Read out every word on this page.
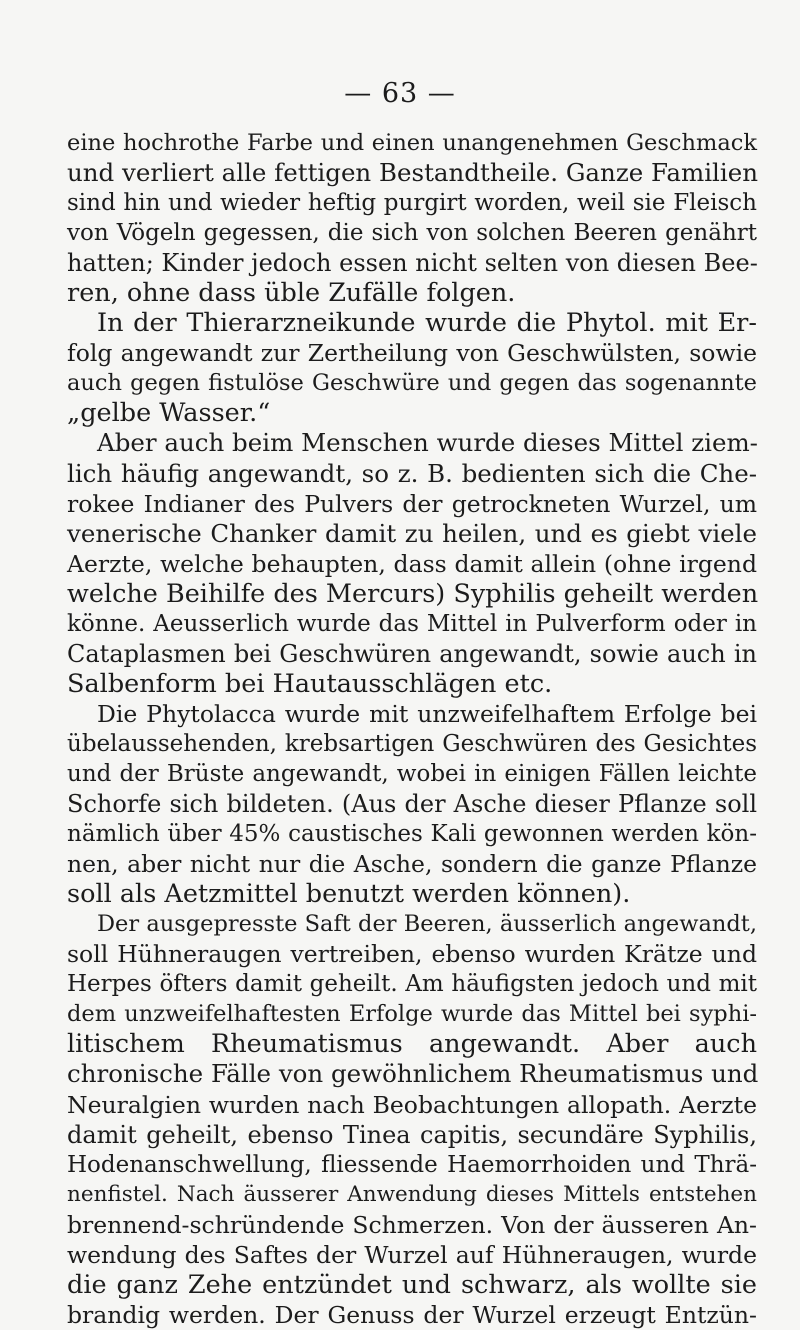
— 63 —
eine hochrothe Farbe und einen unangenehmen Geschmack
und verliert alle fettigen Bestandtheile. Ganze Familien
sind hin und wieder heftig purgirt worden, weil sie Fleisch
von Vögeln gegessen, die sich von solchen Beeren genährt
hatten; Kinder jedoch essen nicht selten von diesen Bee-
ren, ohne dass üble Zufälle folgen.
In der Thierarzneikunde wurde die Phytol. mit Er-
folg angewandt zur Zertheilung von Geschwülsten, sowie
auch gegen fistulöse Geschwüre und gegen das sogenannte
„gelbe Wasser.“
Aber auch beim Menschen wurde dieses Mittel ziem-
lich häufig angewandt, so z. B. bedienten sich die Che-
rokee Indianer des Pulvers der getrockneten Wurzel, um
venerische Chanker damit zu heilen, und es giebt viele
Aerzte, welche behaupten, dass damit allein (ohne irgend
welche Beihilfe des Mercurs) Syphilis geheilt werden
könne. Aeusserlich wurde das Mittel in Pulverform oder in
Cataplasmen bei Geschwüren angewandt, sowie auch in
Salbenform bei Hautausschlägen etc.
Die Phytolacca wurde mit unzweifelhaftem Erfolge bei
übelaussehenden, krebsartigen Geschwüren des Gesichtes
und der Brüste angewandt, wobei in einigen Fällen leichte
Schorfe sich bildeten. (Aus der Asche dieser Pflanze soll
nämlich über 45% caustisches Kali gewonnen werden kön-
nen, aber nicht nur die Asche, sondern die ganze Pflanze
soll als Aetzmittel benutzt werden können).
Der ausgepresste Saft der Beeren, äusserlich angewandt,
soll Hühneraugen vertreiben, ebenso wurden Krätze und
Herpes öfters damit geheilt. Am häufigsten jedoch und mit
dem unzweifelhaftesten Erfolge wurde das Mittel bei syphi-
litischem Rheumatismus angewandt. Aber auch
chronische Fälle von gewöhnlichem Rheumatismus und
Neuralgien wurden nach Beobachtungen allopath. Aerzte
damit geheilt, ebenso Tinea capitis, secundäre Syphilis,
Hodenanschwellung, fliessende Haemorrhoiden und Thrä-
nenfistel. Nach äusserer Anwendung dieses Mittels entstehen
brennend-schründende Schmerzen. Von der äusseren An-
wendung des Saftes der Wurzel auf Hühneraugen, wurde
die ganz Zehe entzündet und schwarz, als wollte sie
brandig werden. Der Genuss der Wurzel erzeugt Entzün-
